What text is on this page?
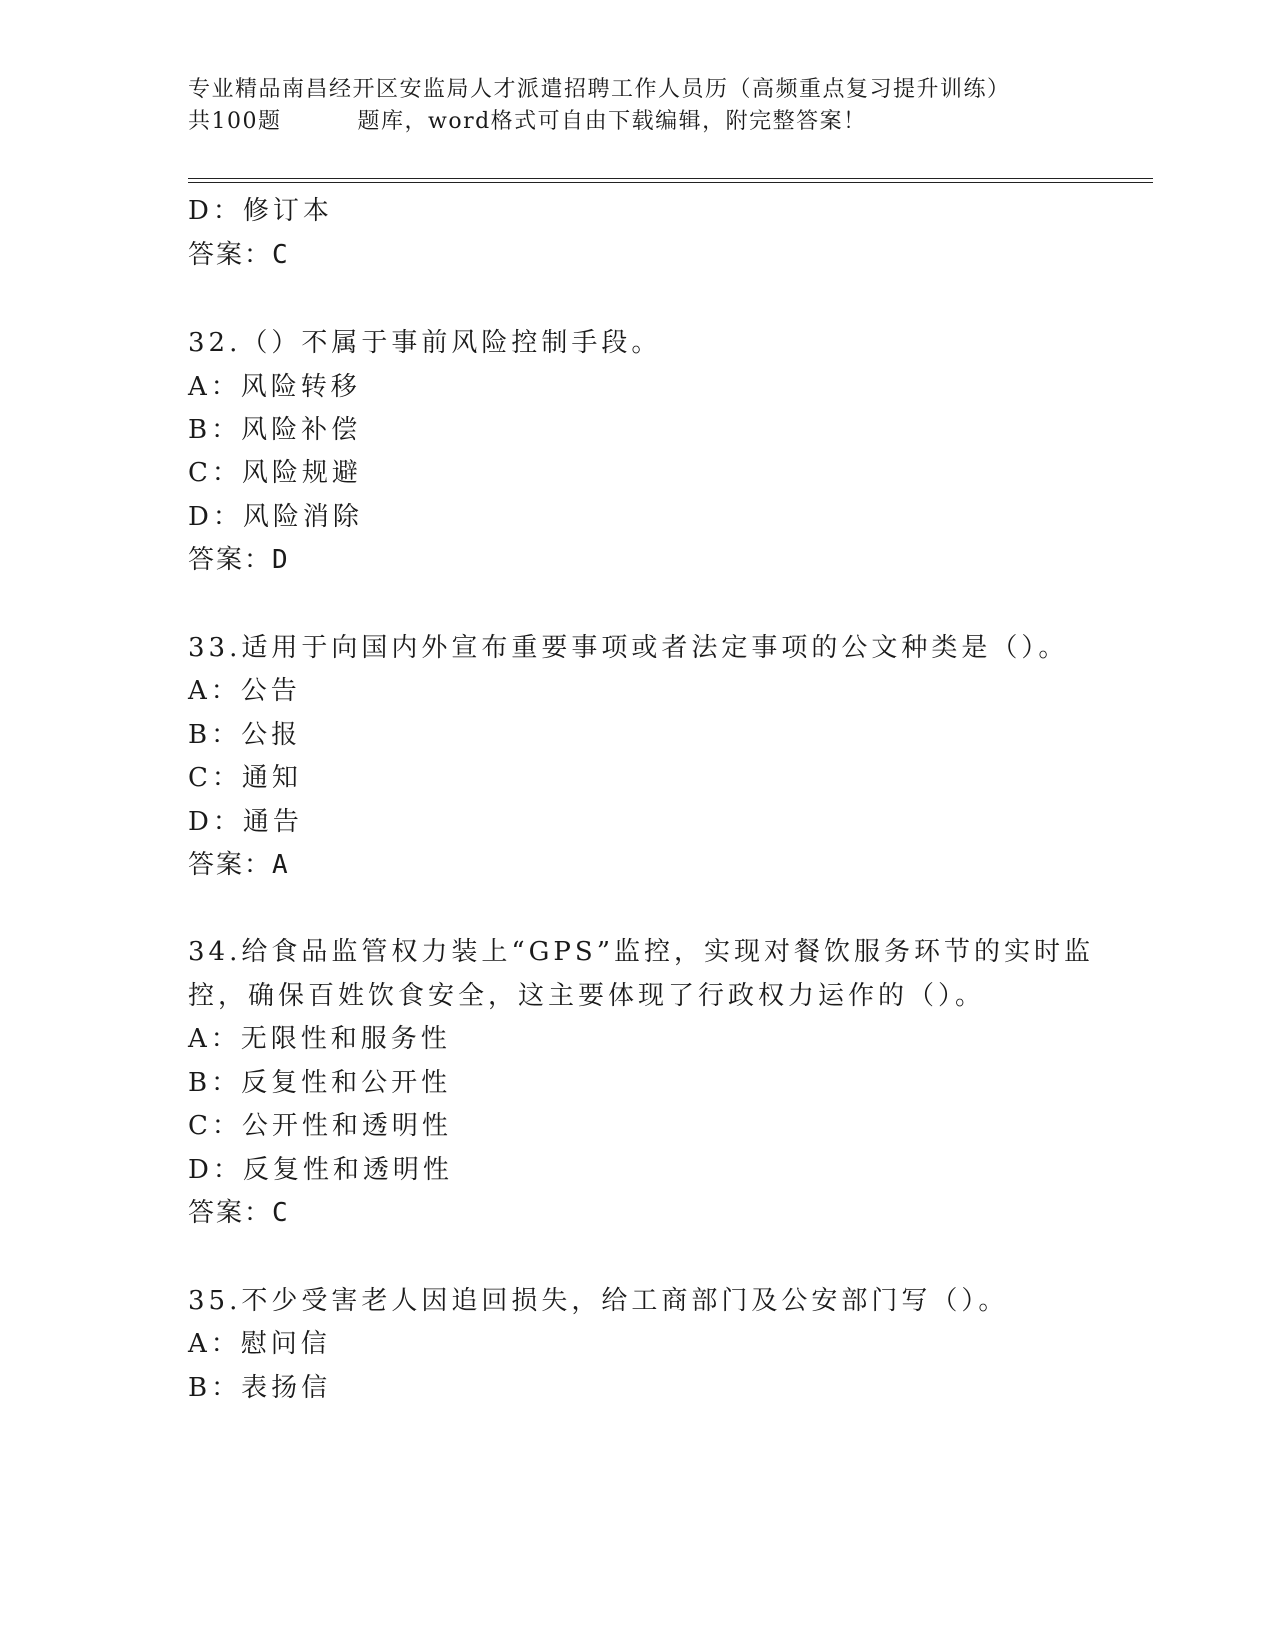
专业精品南昌经开区安监局人才派遣招聘工作人员历（高频重点复习提升训练）
共100题	题库，word格式可自由下载编辑，附完整答案！
D：修订本
答案：C
32.（）不属于事前风险控制手段。
A：风险转移
B：风险补偿
C：风险规避
D：风险消除
答案：D
33.适用于向国内外宣布重要事项或者法定事项的公文种类是（）。
A：公告
B：公报
C：通知
D：通告
答案：A
34.给食品监管权力装上“GPS”监控，实现对餐饮服务环节的实时监
控，确保百姓饮食安全，这主要体现了行政权力运作的（）。
A：无限性和服务性
B：反复性和公开性
C：公开性和透明性
D：反复性和透明性
答案：C
35.不少受害老人因追回损失，给工商部门及公安部门写（）。
A：慰问信
B：表扬信
